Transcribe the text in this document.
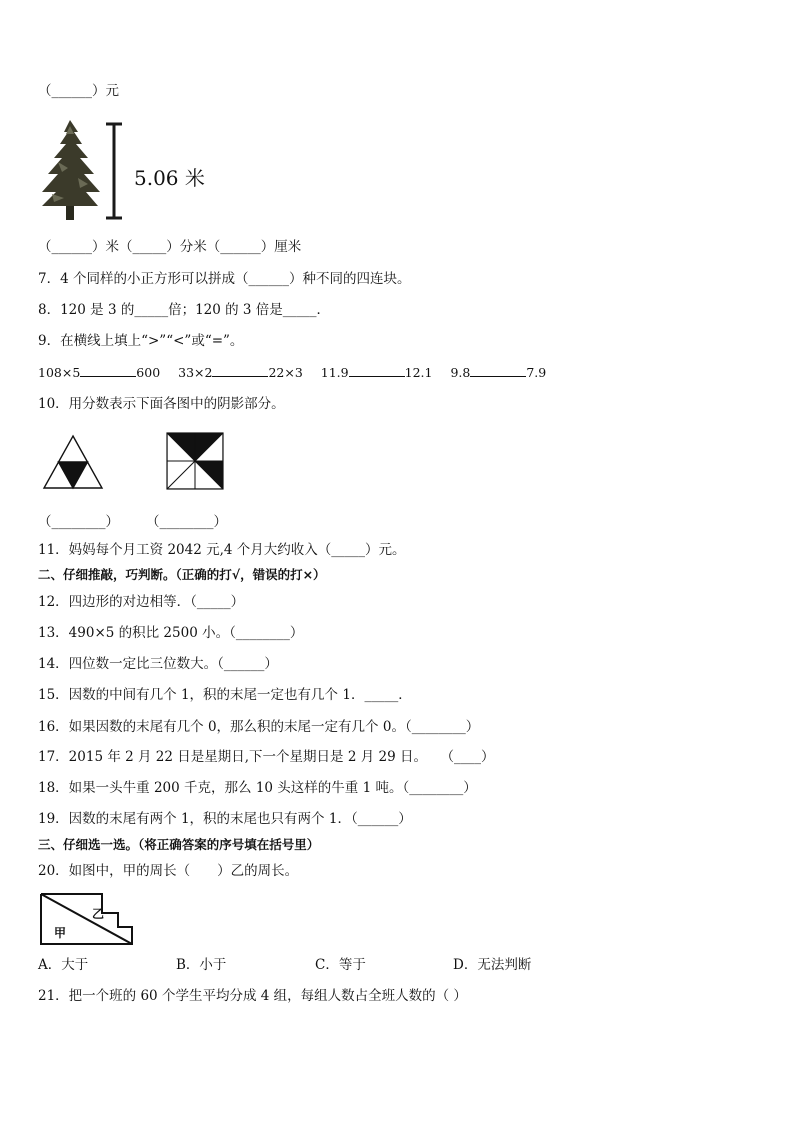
（______）元
5.06 米
（______）米（_____）分米（______）厘米
7．4 个同样的小正方形可以拼成（______）种不同的四连块。
8．120 是 3 的_____倍；120 的 3 倍是_____．
9．在横线上填上“>”“<”或“=”。
108×5	600 33×2	22×3 11.9	12.1 9.8	7.9
10．用分数表示下面各图中的阴影部分。
（________） （________）
11．妈妈每个月工资 2042 元,4 个月大约收入（_____）元。
二、仔细推敲，巧判断。（正确的打√，错误的打×）
12．四边形的对边相等．（_____）
13．490×5 的积比 2500 小。（________）
14．四位数一定比三位数大。（______）
15．因数的中间有几个 1，积的末尾一定也有几个 1．_____．
16．如果因数的末尾有几个 0，那么积的末尾一定有几个 0。（________）
17．2015 年 2 月 22 日是星期日,下一个星期日是 2 月 29 日。　　（____）
18．如果一头牛重 200 千克，那么 10 头这样的牛重 1 吨。（________）
19．因数的末尾有两个 1，积的末尾也只有两个 1．（______）
三、仔细选一选。（将正确答案的序号填在括号里）
20．如图中，甲的周长（　　）乙的周长。
甲
乙
A．大于	B．小于	C．等于	D．无法判断
21．把一个班的 60 个学生平均分成 4 组，每组人数占全班人数的（ ）
